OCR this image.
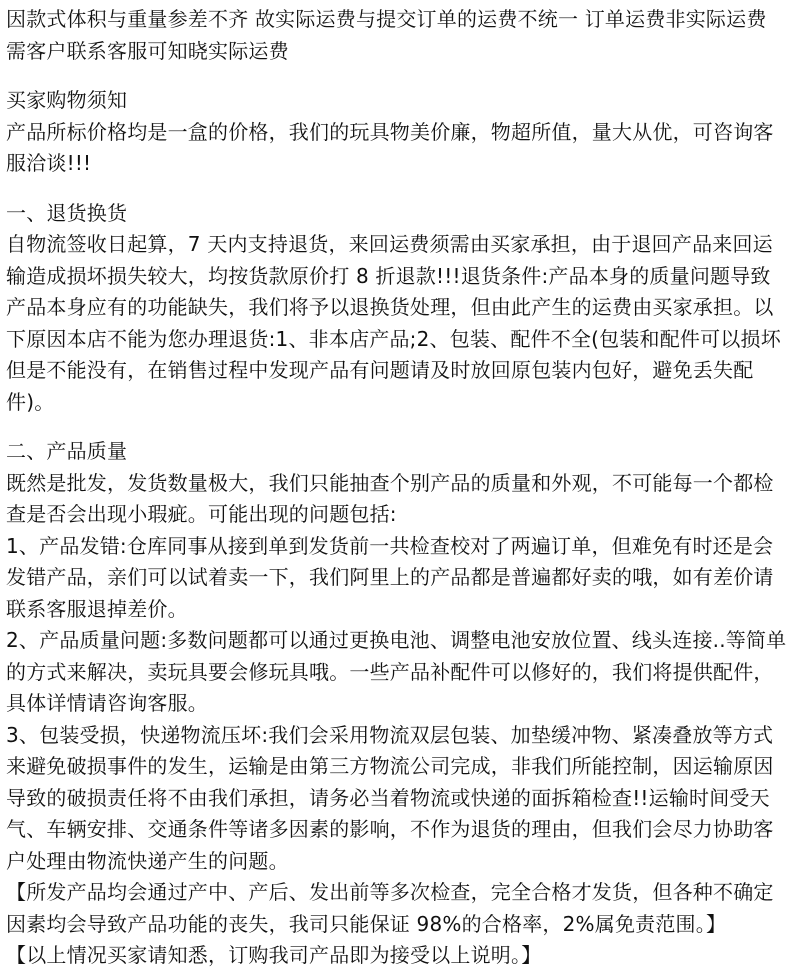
因款式体积与重量参差不齐 故实际运费与提交订单的运费不统一 订单运费非实际运费 需客户联系客服可知晓实际运费

买家购物须知

产品所标价格均是一盒的价格，我们的玩具物美价廉，物超所值，量大从优，可咨询客服洽谈!!!

一、退货换货

自物流签收日起算，7 天内支持退货，来回运费须需由买家承担，由于退回产品来回运输造成损坏损失较大，均按货款原价打 8 折退款!!!退货条件:产品本身的质量问题导致产品本身应有的功能缺失，我们将予以退换货处理，但由此产生的运费由买家承担。以下原因本店不能为您办理退货:1、非本店产品;2、包装、配件不全(包装和配件可以损坏但是不能没有，在销售过程中发现产品有问题请及时放回原包装内包好，避免丢失配件)。

二、产品质量

既然是批发，发货数量极大，我们只能抽查个别产品的质量和外观，不可能每一个都检查是否会出现小瑕疵。可能出现的问题包括:

1、产品发错:仓库同事从接到单到发货前一共检查校对了两遍订单，但难免有时还是会发错产品，亲们可以试着卖一下，我们阿里上的产品都是普遍都好卖的哦，如有差价请联系客服退掉差价。

2、产品质量问题:多数问题都可以通过更换电池、调整电池安放位置、线头连接..等简单的方式来解决，卖玩具要会修玩具哦。一些产品补配件可以修好的，我们将提供配件，具体详情请咨询客服。

3、包装受损，快递物流压坏:我们会采用物流双层包装、加垫缓冲物、紧凑叠放等方式来避免破损事件的发生，运输是由第三方物流公司完成，非我们所能控制，因运输原因导致的破损责任将不由我们承担，请务必当着物流或快递的面拆箱检查!!运输时间受天气、车辆安排、交通条件等诸多因素的影响，不作为退货的理由，但我们会尽力协助客户处理由物流快递产生的问题。

【所发产品均会通过产中、产后、发出前等多次检查，完全合格才发货，但各种不确定因素均会导致产品功能的丧失，我司只能保证 98%的合格率，2%属免责范围。】

【以上情况买家请知悉，订购我司产品即为接受以上说明。】
